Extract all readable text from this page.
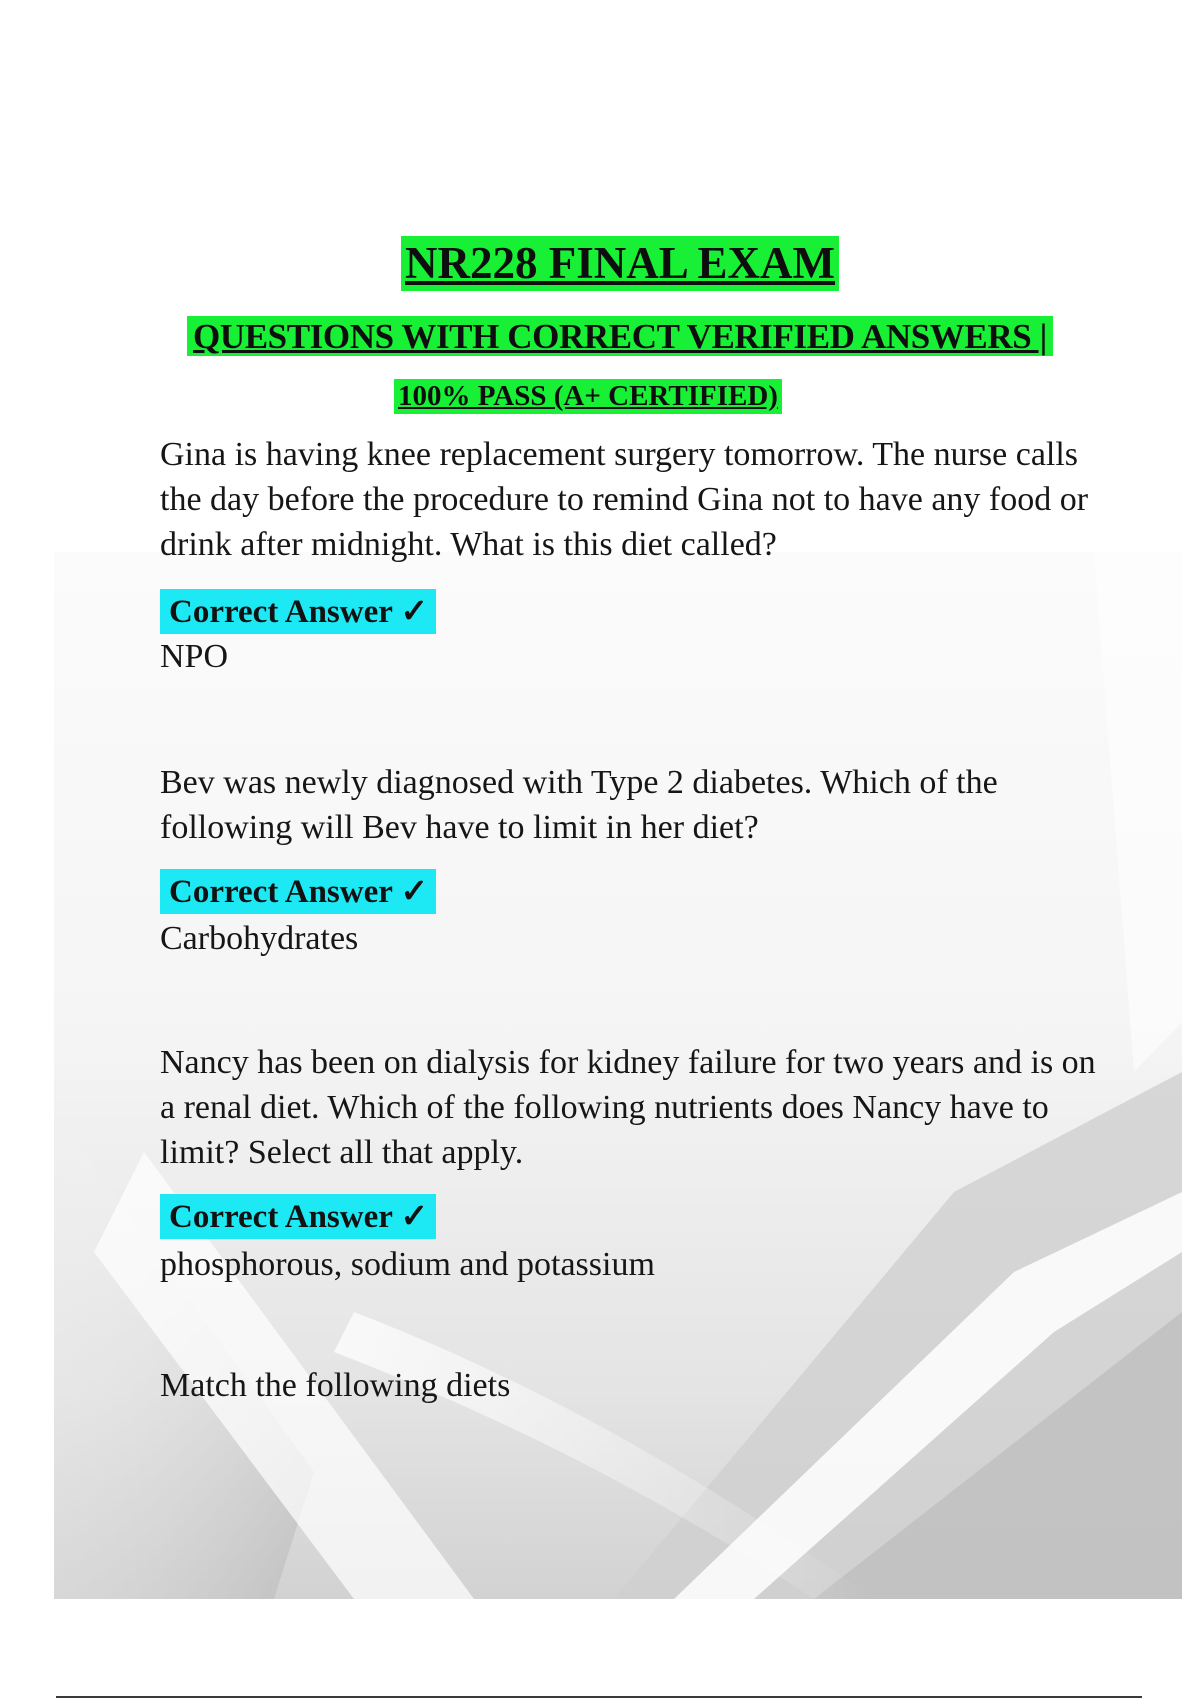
NR228 FINAL EXAM
QUESTIONS WITH CORRECT VERIFIED ANSWERS |
100% PASS (A+ CERTIFIED)
Gina is having knee replacement surgery tomorrow. The nurse calls the day before the procedure to remind Gina not to have any food or drink after midnight. What is this diet called?
Correct Answer ✓
NPO
Bev was newly diagnosed with Type 2 diabetes. Which of the following will Bev have to limit in her diet?
Correct Answer ✓
Carbohydrates
Nancy has been on dialysis for kidney failure for two years and is on a renal diet. Which of the following nutrients does Nancy have to limit? Select all that apply.
Correct Answer ✓
phosphorous, sodium and potassium
Match the following diets
